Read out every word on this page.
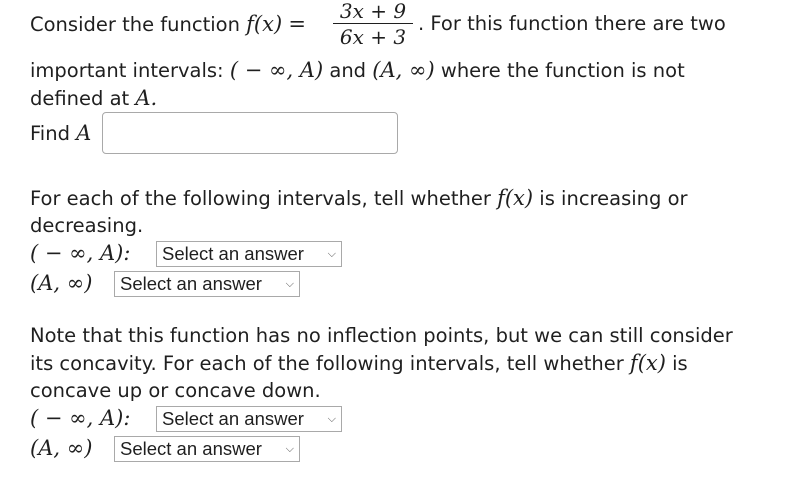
Consider the function f(x) =
3x + 9
6x + 3
. For this function there are two
important intervals: ( − ∞, A) and (A, ∞) where the function is not
defined at A.
Find A
For each of the following intervals, tell whether f(x) is increasing or
decreasing.
( − ∞, A):	Select an answer ⌵
(A, ∞)	Select an answer ⌵
Note that this function has no inflection points, but we can still consider
its concavity. For each of the following intervals, tell whether f(x) is
concave up or concave down.
( − ∞, A):	Select an answer ⌵
(A, ∞)	Select an answer ⌵
